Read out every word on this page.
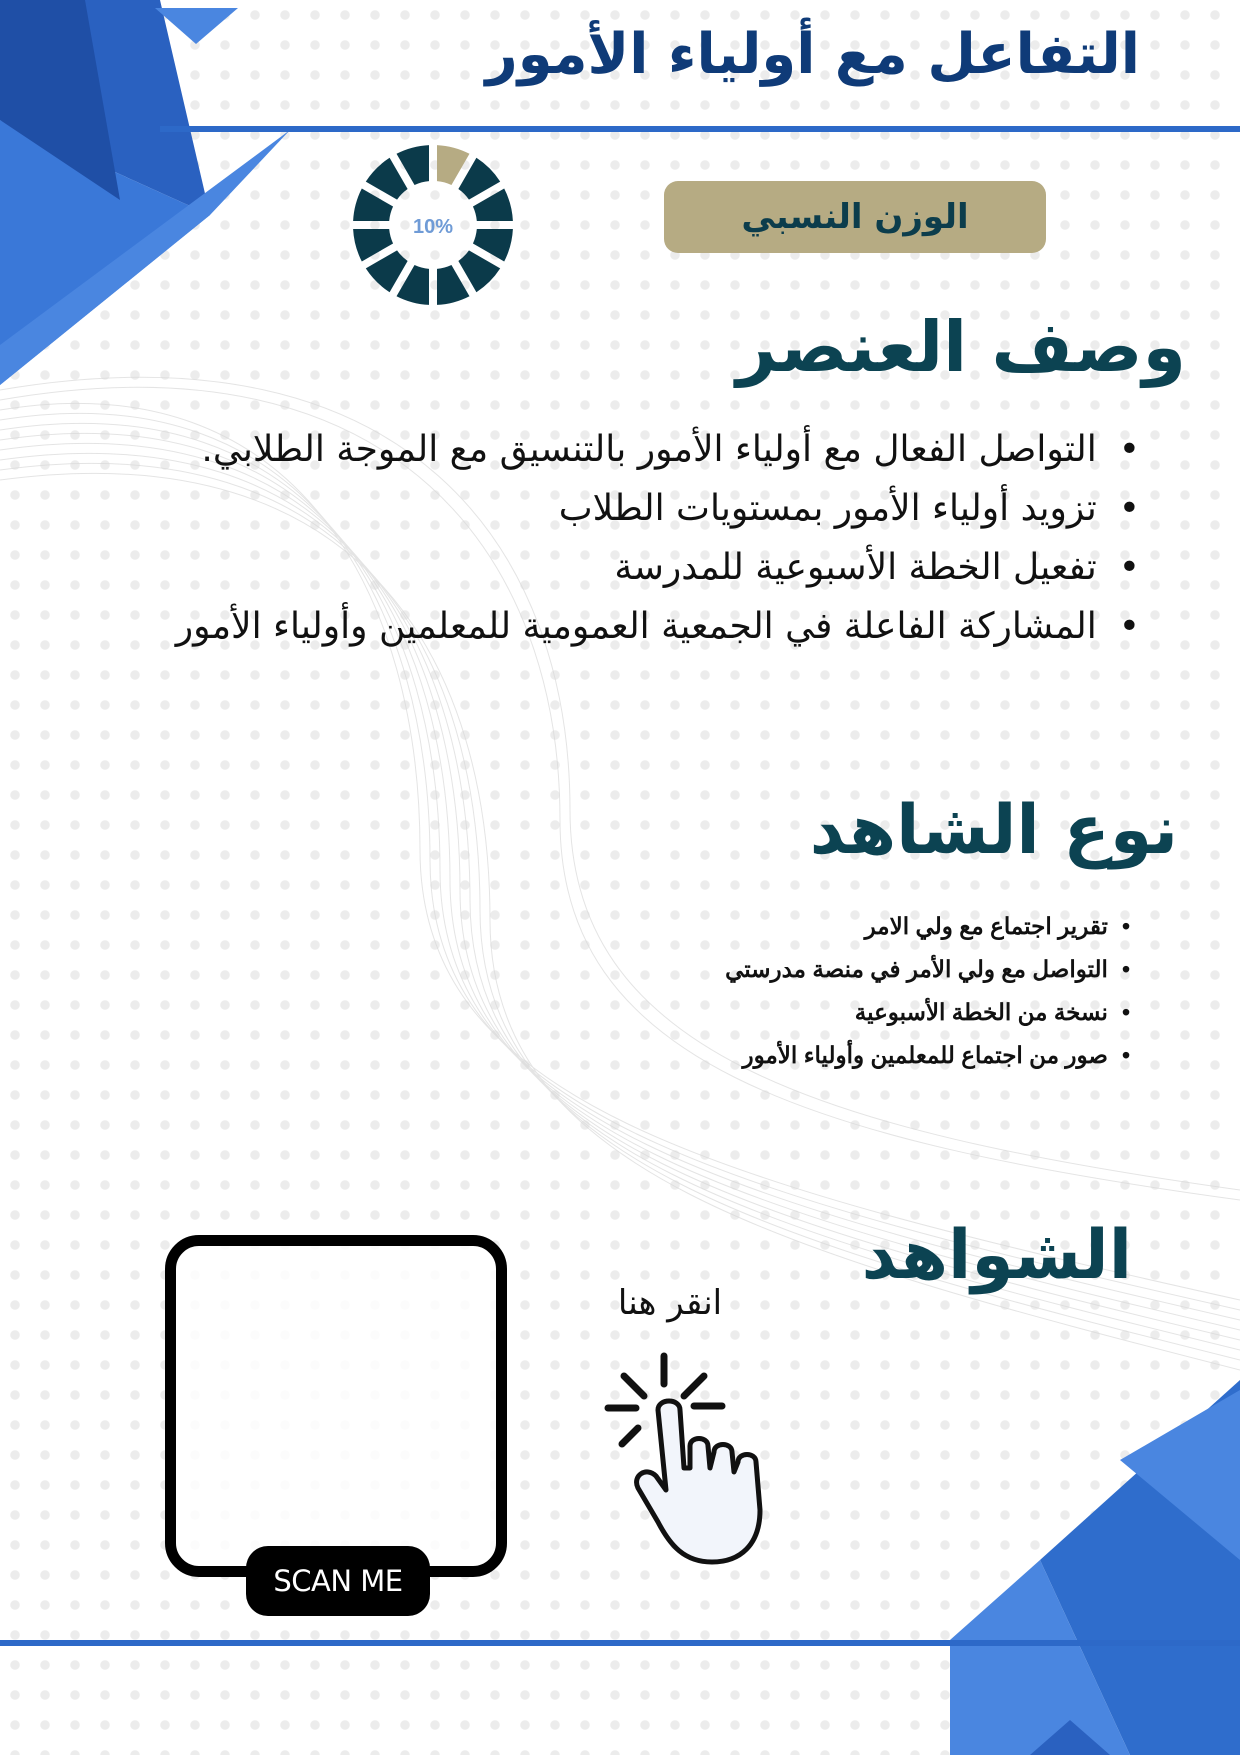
التفاعل مع أولياء الأمور
الوزن النسبي
10%
وصف العنصر
• التواصل الفعال مع أولياء الأمور بالتنسيق مع الموجة الطلابي.
• تزويد أولياء الأمور بمستويات الطلاب
• تفعيل الخطة الأسبوعية للمدرسة
• المشاركة الفاعلة في الجمعية العمومية للمعلمين وأولياء الأمور
نوع الشاهد
• تقرير اجتماع مع ولي الامر
• التواصل مع ولي الأمر في منصة مدرستي
• نسخة من الخطة الأسبوعية
• صور من اجتماع للمعلمين وأولياء الأمور
الشواهد
SCAN ME
انقر هنا
